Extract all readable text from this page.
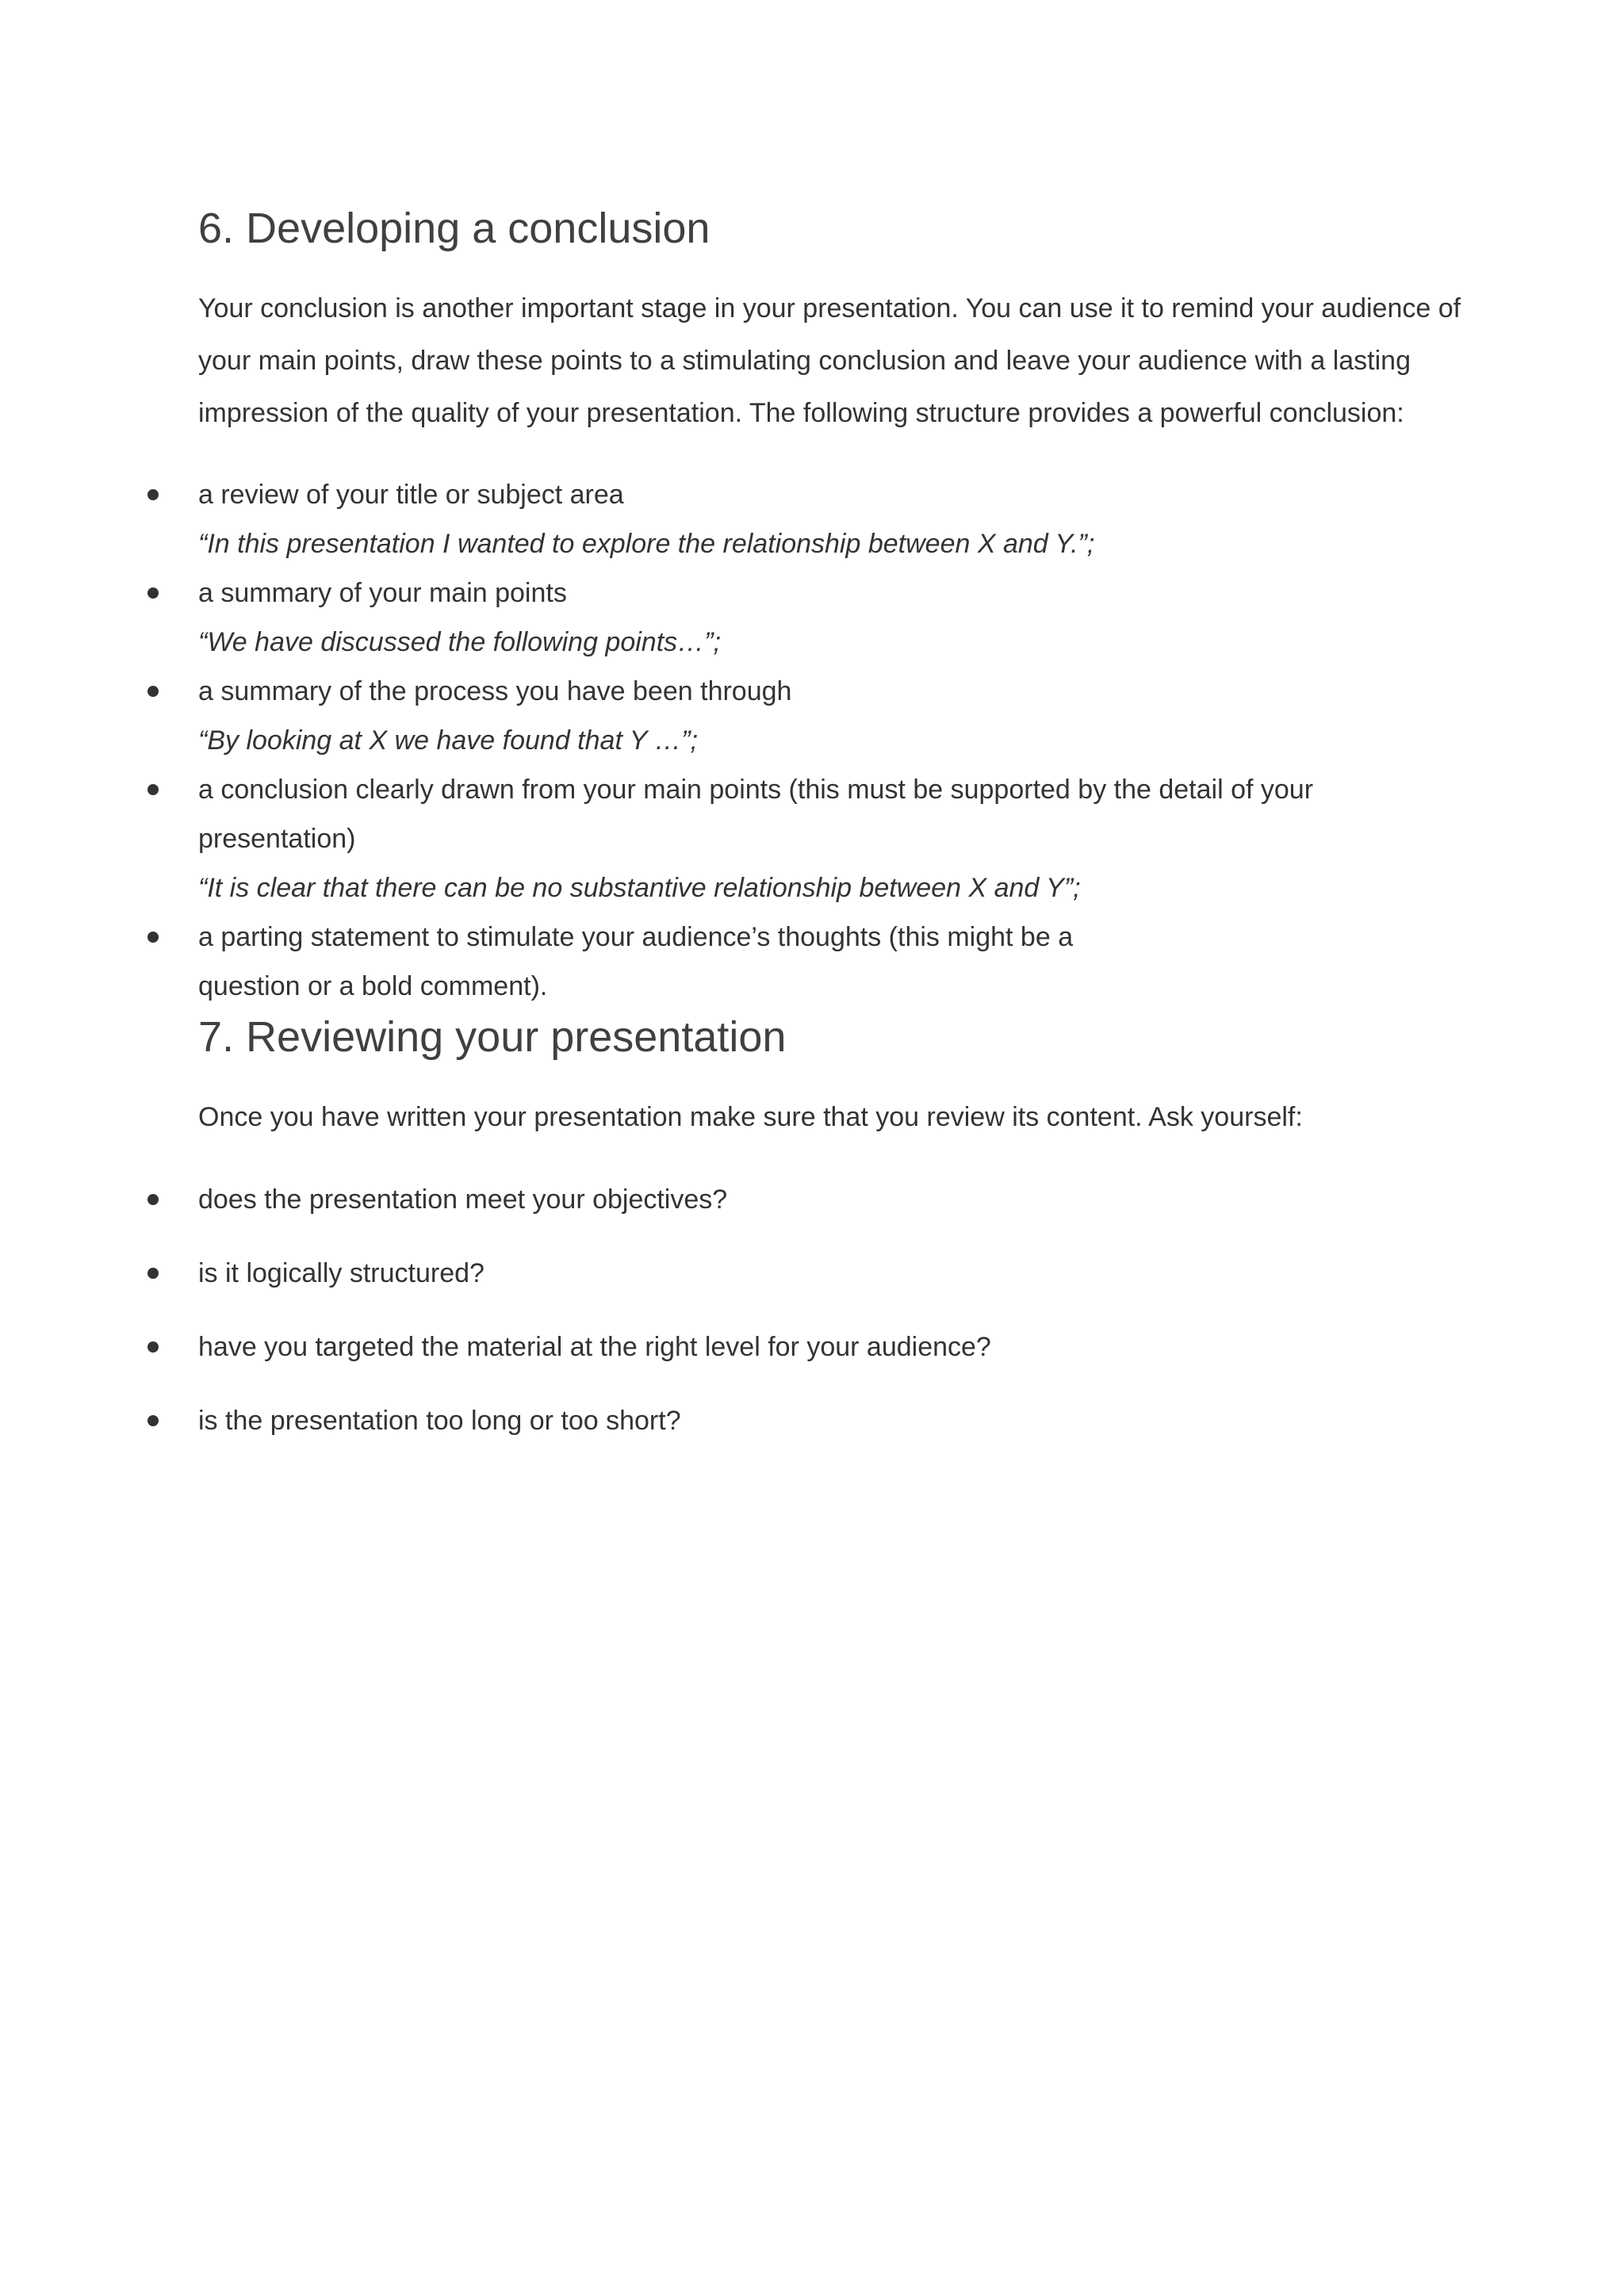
6. Developing a conclusion

Your conclusion is another important stage in your presentation. You can use it to remind your audience of
your main points, draw these points to a stimulating conclusion and leave your audience with a lasting
impression of the quality of your presentation. The following structure provides a powerful conclusion:

a review of your title or subject area
“In this presentation I wanted to explore the relationship between X and Y.”;
a summary of your main points
“We have discussed the following points…”;
a summary of the process you have been through
“By looking at X we have found that Y …”;
a conclusion clearly drawn from your main points (this must be supported by the detail of your
presentation)
“It is clear that there can be no substantive relationship between X and Y”;
a parting statement to stimulate your audience’s thoughts (this might be a
question or a bold comment).
7. Reviewing your presentation

Once you have written your presentation make sure that you review its content. Ask yourself:

does the presentation meet your objectives?
is it logically structured?
have you targeted the material at the right level for your audience?
is the presentation too long or too short?
